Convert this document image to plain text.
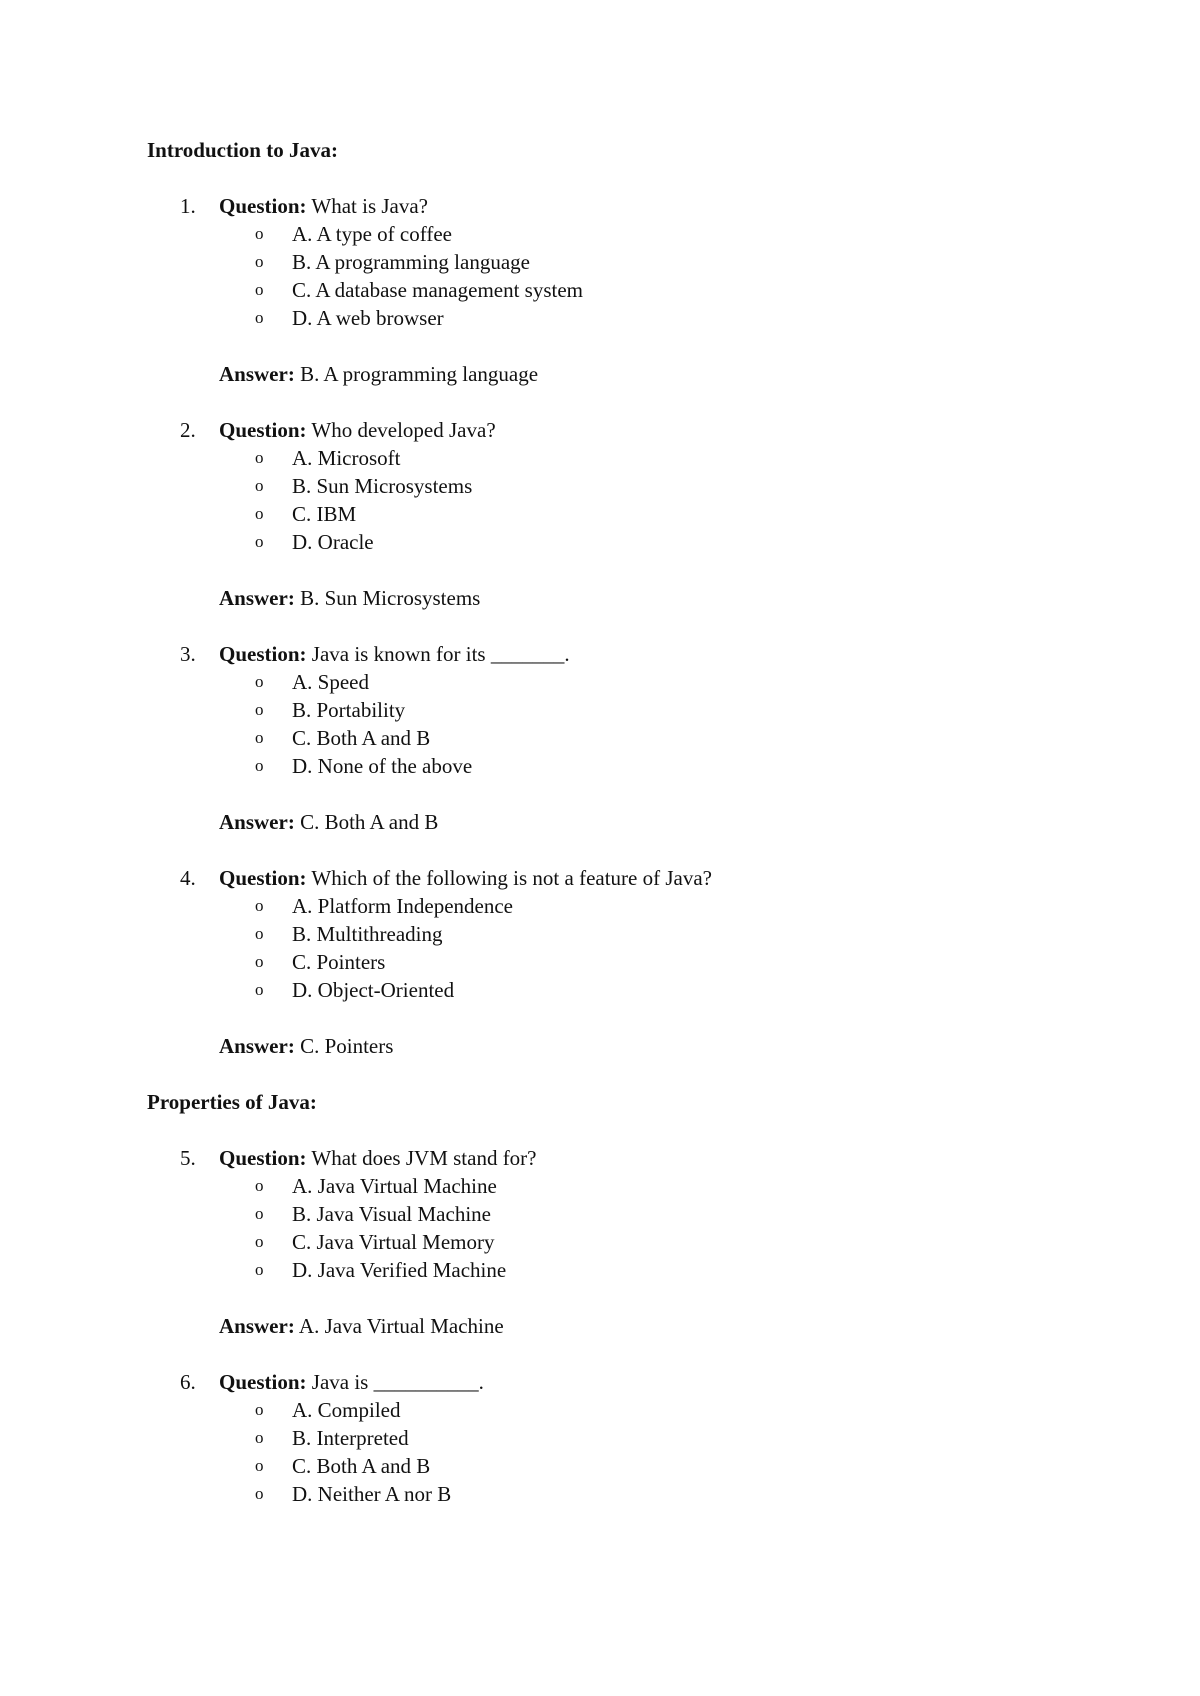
Introduction to Java:
1. Question: What is Java?
o A. A type of coffee
o B. A programming language
o C. A database management system
o D. A web browser
Answer: B. A programming language
2. Question: Who developed Java?
o A. Microsoft
o B. Sun Microsystems
o C. IBM
o D. Oracle
Answer: B. Sun Microsystems
3. Question: Java is known for its _______.
o A. Speed
o B. Portability
o C. Both A and B
o D. None of the above
Answer: C. Both A and B
4. Question: Which of the following is not a feature of Java?
o A. Platform Independence
o B. Multithreading
o C. Pointers
o D. Object-Oriented
Answer: C. Pointers
Properties of Java:
5. Question: What does JVM stand for?
o A. Java Virtual Machine
o B. Java Visual Machine
o C. Java Virtual Memory
o D. Java Verified Machine
Answer: A. Java Virtual Machine
6. Question: Java is __________.
o A. Compiled
o B. Interpreted
o C. Both A and B
o D. Neither A nor B
